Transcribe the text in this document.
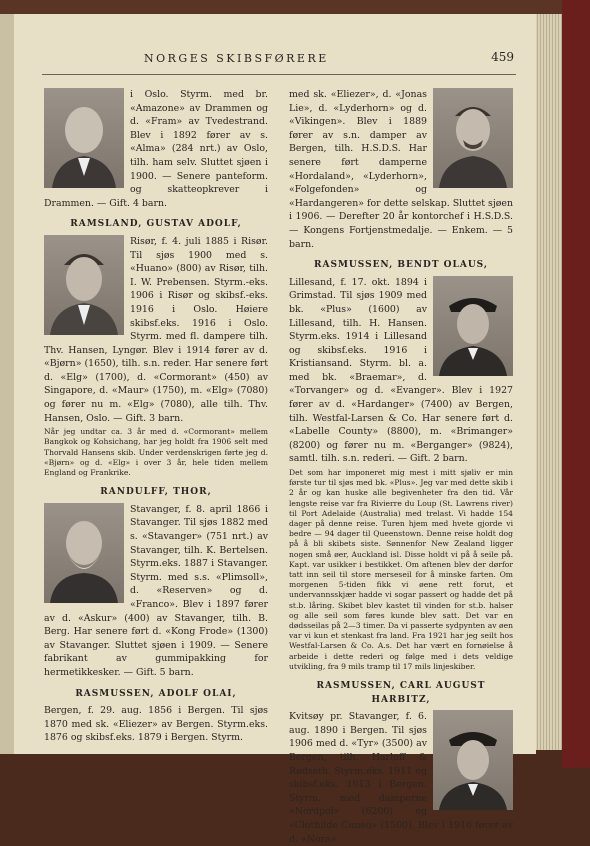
NORGES SKIBSFØRERE	459

i Oslo. Styrm. med br. «Amazone» av Drammen og d. «Fram» av Tvedestrand. Blev i 1892 fører av s. «Alma» (284 nrt.) av Oslo, tilh. ham selv. Sluttet sjøen i 1900. — Senere panteform. og skatteopkrever i Drammen. — Gift. 4 barn.

RAMSLAND, GUSTAV ADOLF,

Risør, f. 4. juli 1885 i Risør. Til sjøs 1900 med s. «Huano» (800) av Risør, tilh. I. W. Prebensen. Styrm.-eks. 1906 i Risør og skibsf.-eks. 1916 i Oslo. Høiere skibsf.eks. 1916 i Oslo. Styrm. med fl. dampere tilh. Thv. Hansen, Lyngør. Blev i 1914 fører av d. «Bjørn» (1650), tilh. s.n. reder. Har senere ført d. «Elg» (1700), d. «Cormorant» (450) av Singapore, d. «Maur» (1750), m. «Elg» (7080) og fører nu m. «Elg» (7080), alle tilh. Thv. Hansen, Oslo. — Gift. 3 barn.

Når jeg undtar ca. 3 år med d. «Cormorant» mellem Bangkok og Kohsichang, har jeg holdt fra 1906 selt med Thorvald Hansens skib. Under verdenskrigen førte jeg d. «Bjørn» og d. «Elg» i over 3 år, hele tiden mellem England og Frankrike.

RANDULFF, THOR,

Stavanger, f. 8. april 1866 i Stavanger. Til sjøs 1882 med s. «Stavanger» (751 nrt.) av Stavanger, tilh. K. Bertelsen. Styrm.eks. 1887 i Stavanger. Styrm. med s.s. «Plimsoll», d. «Reserven» og d. «Franco». Blev i 1897 fører av d. «Askur» (400) av Stavanger, tilh. B. Berg. Har senere ført d. «Kong Frode» (1300) av Stavanger. Sluttet sjøen i 1909. — Senere fabrikant av gummipakking for hermetikkesker. — Gift. 5 barn.

RASMUSSEN, ADOLF OLAI,

Bergen, f. 29. aug. 1856 i Bergen. Til sjøs 1870 med sk. «Eliezer» av Bergen. Styrm.eks. 1876 og skibsf.eks. 1879 i Bergen. Styrm.

med sk. «Eliezer», d. «Jonas Lie», d. «Lyderhorn» og d. «Vikingen». Blev i 1889 fører av s.n. damper av Bergen, tilh. H.S.D.S. Har senere ført damperne «Hordaland», «Lyderhorn», «Folgefonden» og «Hardangeren» for dette selskap. Sluttet sjøen i 1906. — Derefter 20 år kontorchef i H.S.D.S. — Kongens Fortjenstmedalje. — Enkem. — 5 barn.

RASMUSSEN, BENDT OLAUS,

Lillesand, f. 17. okt. 1894 i Grimstad. Til sjøs 1909 med bk. «Plus» (1600) av Lillesand, tilh. H. Hansen. Styrm.eks. 1914 i Lillesand og skibsf.eks. 1916 i Kristiansand. Styrm. bl. a. med bk. «Braemar», d. «Torvanger» og d. «Evanger». Blev i 1927 fører av d. «Hardanger» (7400) av Bergen, tilh. Westfal-Larsen & Co. Har senere ført d. «Labelle County» (8800), m. «Brimanger» (8200) og fører nu m. «Berganger» (9824), samtl. tilh. s.n. rederi. — Gift. 2 barn.

Det som har imponeret mig mest i mitt sjøliv er min første tur til sjøs med bk. «Plus». Jeg var med dette skib i 2 år og kan huske alle begivenheter fra den tid. Vår lengste reise var fra Rivierre du Loup (St. Lawrens river) til Port Adelaide (Australia) med trelast. Vi hadde 154 dager på denne reise. Turen hjem med hvete gjorde vi bedre — 94 dager til Queenstown. Denne reise holdt dog på å bli skibets siste. Sønnenfor New Zealand ligger nogen små øer, Auckland isl. Disse holdt vi på å seile på. Kapt. var usikker i bestikket. Om aftenen blev der dørfor tatt inn seil til store merseseil for å minske farten. Om morgenen 5-tiden fikk vi øene rett forut, et undervannsskjær hadde vi sogar passert og hadde det på st.b. låring. Skibet blev kastet til vinden for st.b. halser og alle seil som føres kunde blev satt. Det var en dødsseilas på 2—3 timer. Da vi passerte sydpynten av øen var vi kun et stenkast fra land. Fra 1921 har jeg seilt hos Westfal-Larsen & Co. A.s. Det har vært en fornøielse å arbeide i dette rederi og følge med i dets veldige utvikling, fra 9 mils tramp til 17 mils linjeskiber.

RASMUSSEN, CARL AUGUST HARBITZ,

Kvitsøy pr. Stavanger, f. 6. aug. 1890 i Bergen. Til sjøs 1906 med d. «Tyr» (3500) av Bergen, tilh. Harloff & Rødseth. Styrm.eks. 1911 og skibsf.eks. 1913 i Bergen. Styrm. med damperne «Nordpol» (6200) og «Clothilde Cuneo» (1500). Blev i 1916 fører av d. «Nora»
